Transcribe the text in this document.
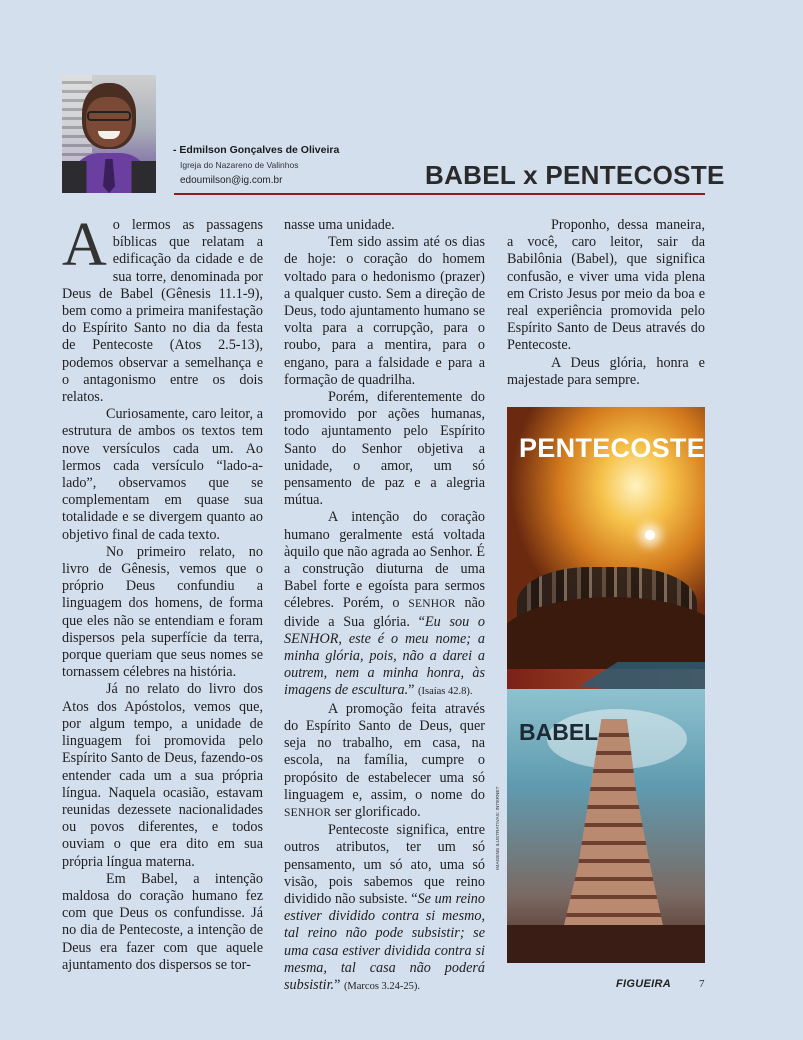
- Edmilson Gonçalves de Oliveira
Igreja do Nazareno de Valinhos
edoumilson@ig.com.br	BABEL x PENTECOSTE

Ao lermos as passagens bíblicas que relatam a edificação da cidade e de sua torre, denominada por Deus de Babel (Gênesis 11.1-9), bem como a primeira manifestação do Espírito Santo no dia da festa de Pentecoste (Atos 2.5-13), podemos observar a semelhança e o antagonismo entre os dois relatos.

Curiosamente, caro leitor, a estrutura de ambos os textos tem nove versículos cada um. Ao lermos cada versículo “lado-a-lado”, observamos que se complementam em quase sua totalidade e se divergem quanto ao objetivo final de cada texto.

No primeiro relato, no livro de Gênesis, vemos que o próprio Deus confundiu a linguagem dos homens, de forma que eles não se entendiam e foram dispersos pela superfície da terra, porque queriam que seus nomes se tornassem célebres na história.

Já no relato do livro dos Atos dos Apóstolos, vemos que, por algum tempo, a unidade de linguagem foi promovida pelo Espírito Santo de Deus, fazendo-os entender cada um a sua própria língua. Naquela ocasião, estavam reunidas dezessete nacionalidades ou povos diferentes, e todos ouviam o que era dito em sua própria língua materna.

Em Babel, a intenção maldosa do coração humano fez com que Deus os confundisse. Já no dia de Pentecoste, a intenção de Deus era fazer com que aquele ajuntamento dos dispersos se tor-

nasse uma unidade.

Tem sido assim até os dias de hoje: o coração do homem voltado para o hedonismo (prazer) a qualquer custo. Sem a direção de Deus, todo ajuntamento humano se volta para a corrupção, para o roubo, para a mentira, para o engano, para a falsidade e para a formação de quadrilha.

Porém, diferentemente do promovido por ações humanas, todo ajuntamento pelo Espírito Santo do Senhor objetiva a unidade, o amor, um só pensamento de paz e a alegria mútua.

A intenção do coração humano geralmente está voltada àquilo que não agrada ao Senhor. É a construção diuturna de uma Babel forte e egoísta para sermos célebres. Porém, o SENHOR não divide a Sua glória. “Eu sou o SENHOR, este é o meu nome; a minha glória, pois, não a darei a outrem, nem a minha honra, às imagens de escultura.” (Isaías 42.8).

A promoção feita através do Espírito Santo de Deus, quer seja no trabalho, em casa, na escola, na família, cumpre o propósito de estabelecer uma só linguagem e, assim, o nome do SENHOR ser glorificado.

Pentecoste significa, entre outros atributos, ter um só pensamento, um só ato, uma só visão, pois sabemos que reino dividido não subsiste. “Se um reino estiver dividido contra si mesmo, tal reino não pode subsistir; se uma casa estiver dividida contra si mesma, tal casa não poderá subsistir.” (Marcos 3.24-25).

Proponho, dessa maneira, a você, caro leitor, sair da Babilônia (Babel), que significa confusão, e viver uma vida plena em Cristo Jesus por meio da boa e real experiência promovida pelo Espírito Santo de Deus através do Pentecoste.

A Deus glória, honra e majestade para sempre.

PENTECOSTE
BABEL
IMAGENS ILUSTRATIVAS: INTERNET
FIGUEIRA	7
